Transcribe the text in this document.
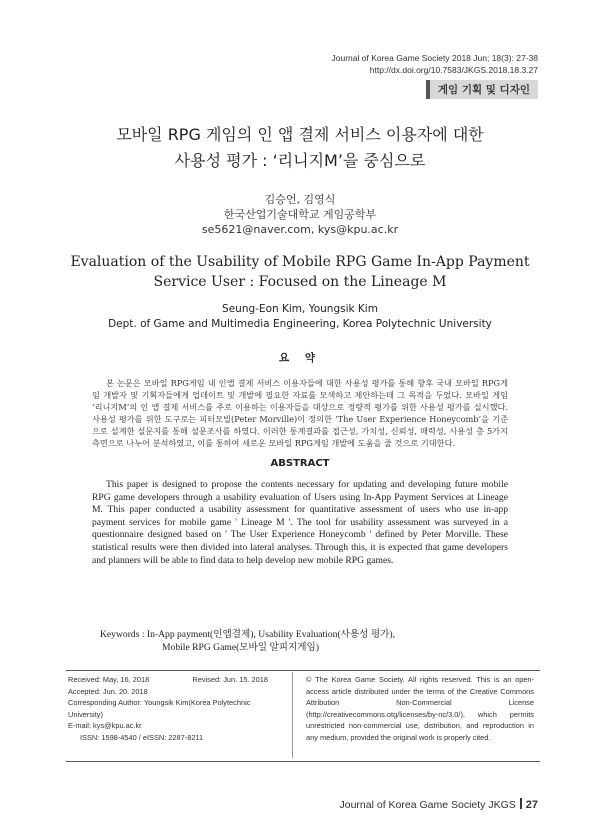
Journal of Korea Game Society 2018 Jun; 18(3): 27-38
http://dx.doi.org/10.7583/JKGS.2018.18.3.27
게임 기획 및 디자인
모바일 RPG 게임의 인 앱 결제 서비스 이용자에 대한
사용성 평가 : ‘리니지M’을 중심으로
김승언, 김영식
한국산업기술대학교 게임공학부
se5621@naver.com, kys@kpu.ac.kr
Evaluation of the Usability of Mobile RPG Game In-App Payment
Service User : Focused on the Lineage M
Seung-Eon Kim, Youngsik Kim
Dept. of Game and Multimedia Engineering, Korea Polytechnic University
요 약
본 논문은 모바일 RPG게임 내 인앱 결제 서비스 이용자들에 대한 사용성 평가를 통해 향후 국내 모바일 RPG게임 개발자 및 기획자들에게 업데이트 및 개발에 필요한 자료를 모색하고 제안하는데 그 목적을 두었다. 모바일 게임 ‘리니지M’의 인 앱 결제 서비스를 주로 이용하는 이용자들을 대상으로 정량적 평가를 위한 사용성 평가를 실시했다. 사용성 평가를 위한 도구로는 피터모빌(Peter Morville)이 정의한 ‘The User Experience Honeycomb’을 기준으로 설계한 설문지를 통해 설문조사를 하였다. 이러한 통계결과를 접근성, 가치성, 신뢰성, 매력성, 사용성 총 5가지 측면으로 나누어 분석하였고, 이를 통하여 새로운 모바일 RPG게임 개발에 도움을 줄 것으로 기대한다.
ABSTRACT
This paper is designed to propose the contents necessary for updating and developing future mobile RPG game developers through a usability evaluation of Users using In-App Payment Services at Lineage M. This paper conducted a usability assessment for quantitative assessment of users who use in-app payment services for mobile game ' Lineage M '. The tool for usability assessment was surveyed in a questionnaire designed based on ' The User Experience Honeycomb ' defined by Peter Morville. These statistical results were then divided into lateral analyses. Through this, it is expected that game developers and planners will be able to find data to help develop new mobile RPG games.
Keywords : In-App payment(인앱결제), Usability Evaluation(사용성 평가),
Mobile RPG Game(모바일 알피지게임)
Received: May, 16, 2018	Revised: Jun. 15. 2018
Accepted: Jun. 20. 2018
Corresponding Author: Youngsik Kim(Korea Polytechnic
University)
E-mail: kys@kpu.ac.kr
ISSN: 1598-4540 / eISSN: 2287-8211
© The Korea Game Society. All rights reserved. This is an open-access article distributed under the terms of the Creative Commons Attribution Non-Commercial License (http://creativecommons.otg/licenses/by-nc/3.0/), which permits unrestricted non-commercial use, distribution, and reproduction in any medium, provided the original work is properly cited.
Journal of Korea Game Society JKGS 27
